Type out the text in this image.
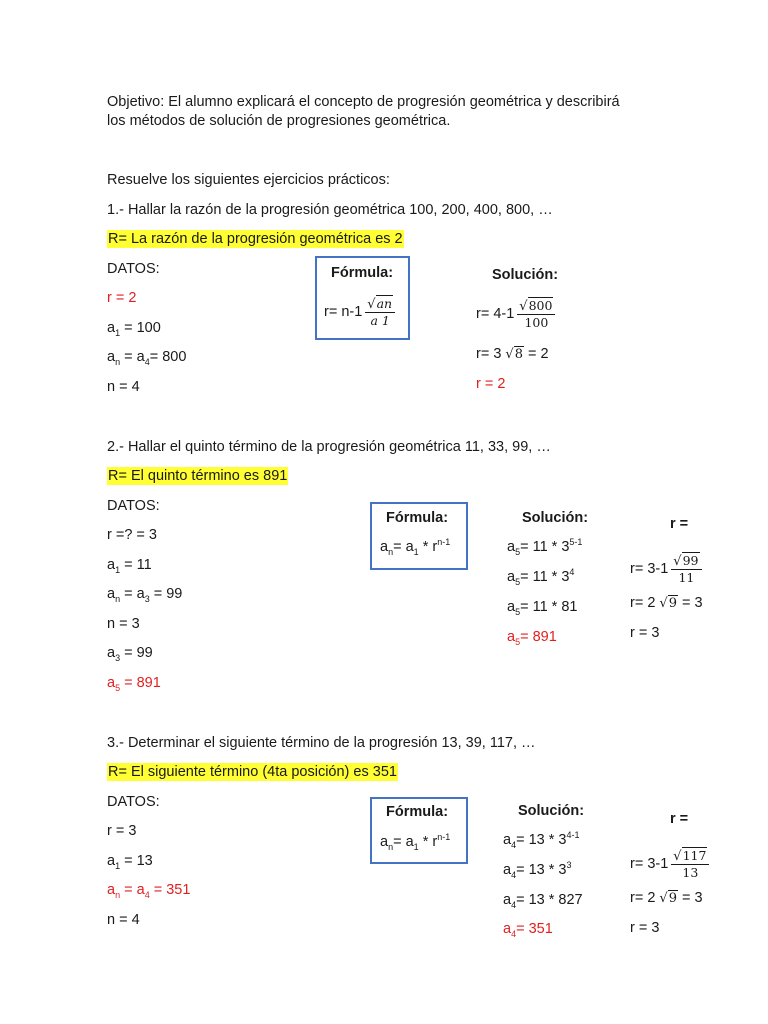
Objetivo: El alumno explicará el concepto de progresión geométrica y describirá
los métodos de solución de progresiones geométrica.
Resuelve los siguientes ejercicios prácticos:
1.- Hallar la razón de la progresión geométrica 100, 200, 400, 800, …
R= La razón de la progresión geométrica es 2
DATOS:
r = 2
$a_1 = 100$
$a_n = a_4= 800$
n = 4
Fórmula:
$r= n-1 \frac{√an}{a 1}$
Solución:
$r= 4-1 \frac{√800}{100}$
r= 3 √8 = 2
r = 2
2.- Hallar el quinto término de la progresión geométrica 11, 33, 99, …
R= El quinto término es 891
DATOS:
r =? = 3
$a_1 = 11$
$a_n = a_3 = 99$
n = 3
$a_3 = 99$
$a_5 = 891$
Fórmula:
$a_n= a_1 * r^{n-1}$
Solución:
$a_5= 11 * 3^{5-1}$
$a_5= 11 * 3^4$
$a_5= 11 * 81$
$a_5= 891$
r =
$r= 3-1 \frac{√99}{11}$
r= 2 √9 = 3
r = 3
3.- Determinar el siguiente término de la progresión 13, 39, 117, …
R= El siguiente término (4ta posición) es 351
DATOS:
r = 3
$a_1 = 13$
$a_n = a_4 = 351$
n = 4
Fórmula:
$a_n= a_1 * r^{n-1}$
Solución:
$a_4= 13 * 3^{4-1}$
$a_4= 13 * 3^3$
$a_4= 13 * 827$
$a_4= 351$
r =
$r= 3-1 \frac{√117}{13}$
r= 2 √9 = 3
r = 3
